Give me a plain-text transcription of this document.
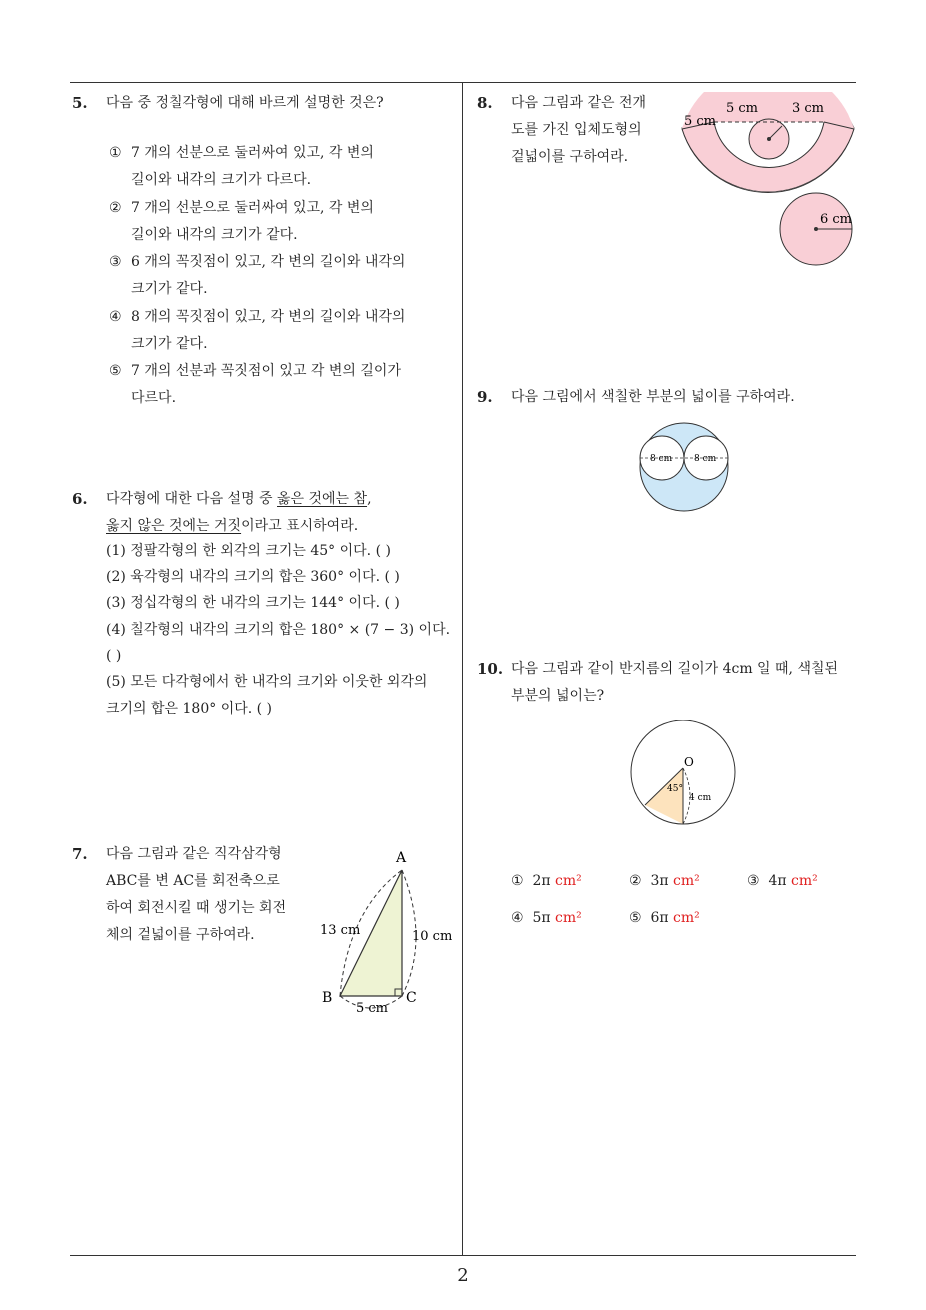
2
5. 다음 중 정칠각형에 대해 바르게 설명한 것은?
① 7 개의 선분으로 둘러싸여 있고, 각 변의
길이와 내각의 크기가 다르다.
② 7 개의 선분으로 둘러싸여 있고, 각 변의
길이와 내각의 크기가 같다.
③ 6 개의 꼭짓점이 있고, 각 변의 길이와 내각의
크기가 같다.
④ 8 개의 꼭짓점이 있고, 각 변의 길이와 내각의
크기가 같다.
⑤ 7 개의 선분과 꼭짓점이 있고 각 변의 길이가
다르다.
6. 다각형에 대한 다음 설명 중 옳은 것에는 참,
옳지 않은 것에는 거짓이라고 표시하여라.
(1) 정팔각형의 한 외각의 크기는 45° 이다. ( )
(2) 육각형의 내각의 크기의 합은 360° 이다. ( )
(3) 정십각형의 한 내각의 크기는 144° 이다. ( )
(4) 칠각형의 내각의 크기의 합은 180° × (7 − 3) 이다.
( )
(5) 모든 다각형에서 한 내각의 크기와 이웃한 외각의
크기의 합은 180° 이다. ( )
7. 다음 그림과 같은 직각삼각형
ABC를 변 AC를 회전축으로
하여 회전시킬 때 생기는 회전
체의 겉넓이를 구하여라.
A
B	C
13 cm	10 cm
5 cm
8. 다음 그림과 같은 전개
도를 가진 입체도형의
겉넓이를 구하여라.
5 cm	3 cm
5 cm
6 cm
9. 다음 그림에서 색칠한 부분의 넓이를 구하여라.
8 cm 8 cm
10. 다음 그림과 같이 반지름의 길이가 4cm 일 때, 색칠된
부분의 넓이는?
O
45°
4 cm
① 2π cm²	② 3π cm²	③ 4π cm²
④ 5π cm²	⑤ 6π cm²
